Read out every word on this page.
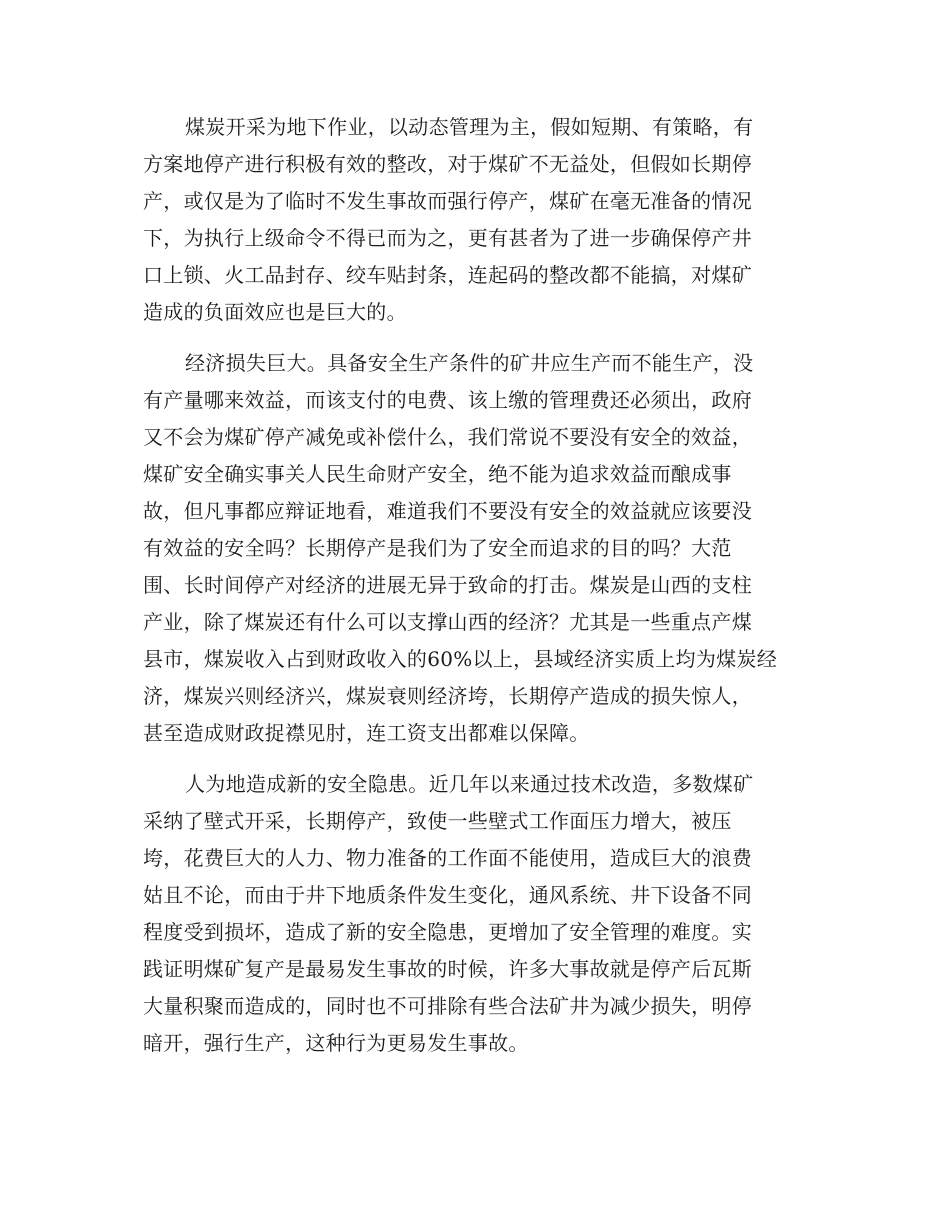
煤炭开采为地下作业，以动态管理为主，假如短期、有策略，有
方案地停产进行积极有效的整改，对于煤矿不无益处，但假如长期停
产，或仅是为了临时不发生事故而强行停产，煤矿在毫无准备的情况
下，为执行上级命令不得已而为之，更有甚者为了进一步确保停产井
口上锁、火工品封存、绞车贴封条，连起码的整改都不能搞，对煤矿
造成的负面效应也是巨大的。
经济损失巨大。具备安全生产条件的矿井应生产而不能生产，没
有产量哪来效益，而该支付的电费、该上缴的管理费还必须出，政府
又不会为煤矿停产减免或补偿什么，我们常说不要没有安全的效益，
煤矿安全确实事关人民生命财产安全，绝不能为追求效益而酿成事
故，但凡事都应辩证地看，难道我们不要没有安全的效益就应该要没
有效益的安全吗？长期停产是我们为了安全而追求的目的吗？大范
围、长时间停产对经济的进展无异于致命的打击。煤炭是山西的支柱
产业，除了煤炭还有什么可以支撑山西的经济？尤其是一些重点产煤
县市，煤炭收入占到财政收入的60%以上，县域经济实质上均为煤炭经
济，煤炭兴则经济兴，煤炭衰则经济垮，长期停产造成的损失惊人，
甚至造成财政捉襟见肘，连工资支出都难以保障。
人为地造成新的安全隐患。近几年以来通过技术改造，多数煤矿
采纳了壁式开采，长期停产，致使一些壁式工作面压力增大，被压
垮，花费巨大的人力、物力准备的工作面不能使用，造成巨大的浪费
姑且不论，而由于井下地质条件发生变化，通风系统、井下设备不同
程度受到损坏，造成了新的安全隐患，更增加了安全管理的难度。实
践证明煤矿复产是最易发生事故的时候，许多大事故就是停产后瓦斯
大量积聚而造成的，同时也不可排除有些合法矿井为减少损失，明停
暗开，强行生产，这种行为更易发生事故。
